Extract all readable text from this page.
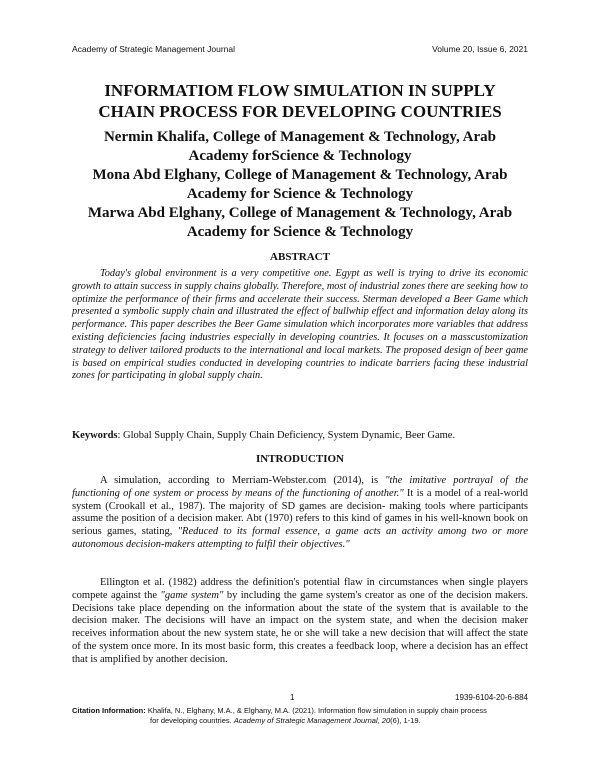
Academy of Strategic Management Journal	Volume 20, Issue 6, 2021
INFORMATIOM FLOW SIMULATION IN SUPPLY
CHAIN PROCESS FOR DEVELOPING COUNTRIES
Nermin Khalifa, College of Management & Technology, Arab
Academy forScience & Technology
Mona Abd Elghany, College of Management & Technology, Arab
Academy for Science & Technology
Marwa Abd Elghany, College of Management & Technology, Arab
Academy for Science & Technology
ABSTRACT

Today's global environment is a very competitive one. Egypt as well is trying to drive its economic growth to attain success in supply chains globally. Therefore, most of industrial zones there are seeking how to optimize the performance of their firms and accelerate their success. Sterman developed a Beer Game which presented a symbolic supply chain and illustrated the effect of bullwhip effect and information delay along its performance. This paper describes the Beer Game simulation which incorporates more variables that address existing deficiencies facing industries especially in developing countries. It focuses on a masscustomization strategy to deliver tailored products to the international and local markets. The proposed design of beer game is based on empirical studies conducted in developing countries to indicate barriers facing these industrial zones for participating in global supply chain.

Keywords: Global Supply Chain, Supply Chain Deficiency, System Dynamic, Beer Game.

INTRODUCTION

A simulation, according to Merriam-Webster.com (2014), is "the imitative portrayal of the functioning of one system or process by means of the functioning of another." It is a model of a real-world system (Crookall et al., 1987). The majority of SD games are decision- making tools where participants assume the position of a decision maker. Abt (1970) refers to this kind of games in his well-known book on serious games, stating, "Reduced to its formal essence, a game acts an activity among two or more autonomous decision-makers attempting to fulfil their objectives."

Ellington et al. (1982) address the definition's potential flaw in circumstances when single players compete against the "game system" by including the game system's creator as one of the decision makers. Decisions take place depending on the information about the state of the system that is available to the decision maker. The decisions will have an impact on the system state, and when the decision maker receives information about the new system state, he or she will take a new decision that will affect the state of the system once more. In its most basic form, this creates a feedback loop, where a decision has an effect that is amplified by another decision.

1	1939-6104-20-6-884
Citation Information: Khalifa, N., Elghany, M.A., & Elghany, M.A. (2021). Information flow simulation in supply chain process
for developing countries. Academy of Strategic Management Journal, 20(6), 1-19.
